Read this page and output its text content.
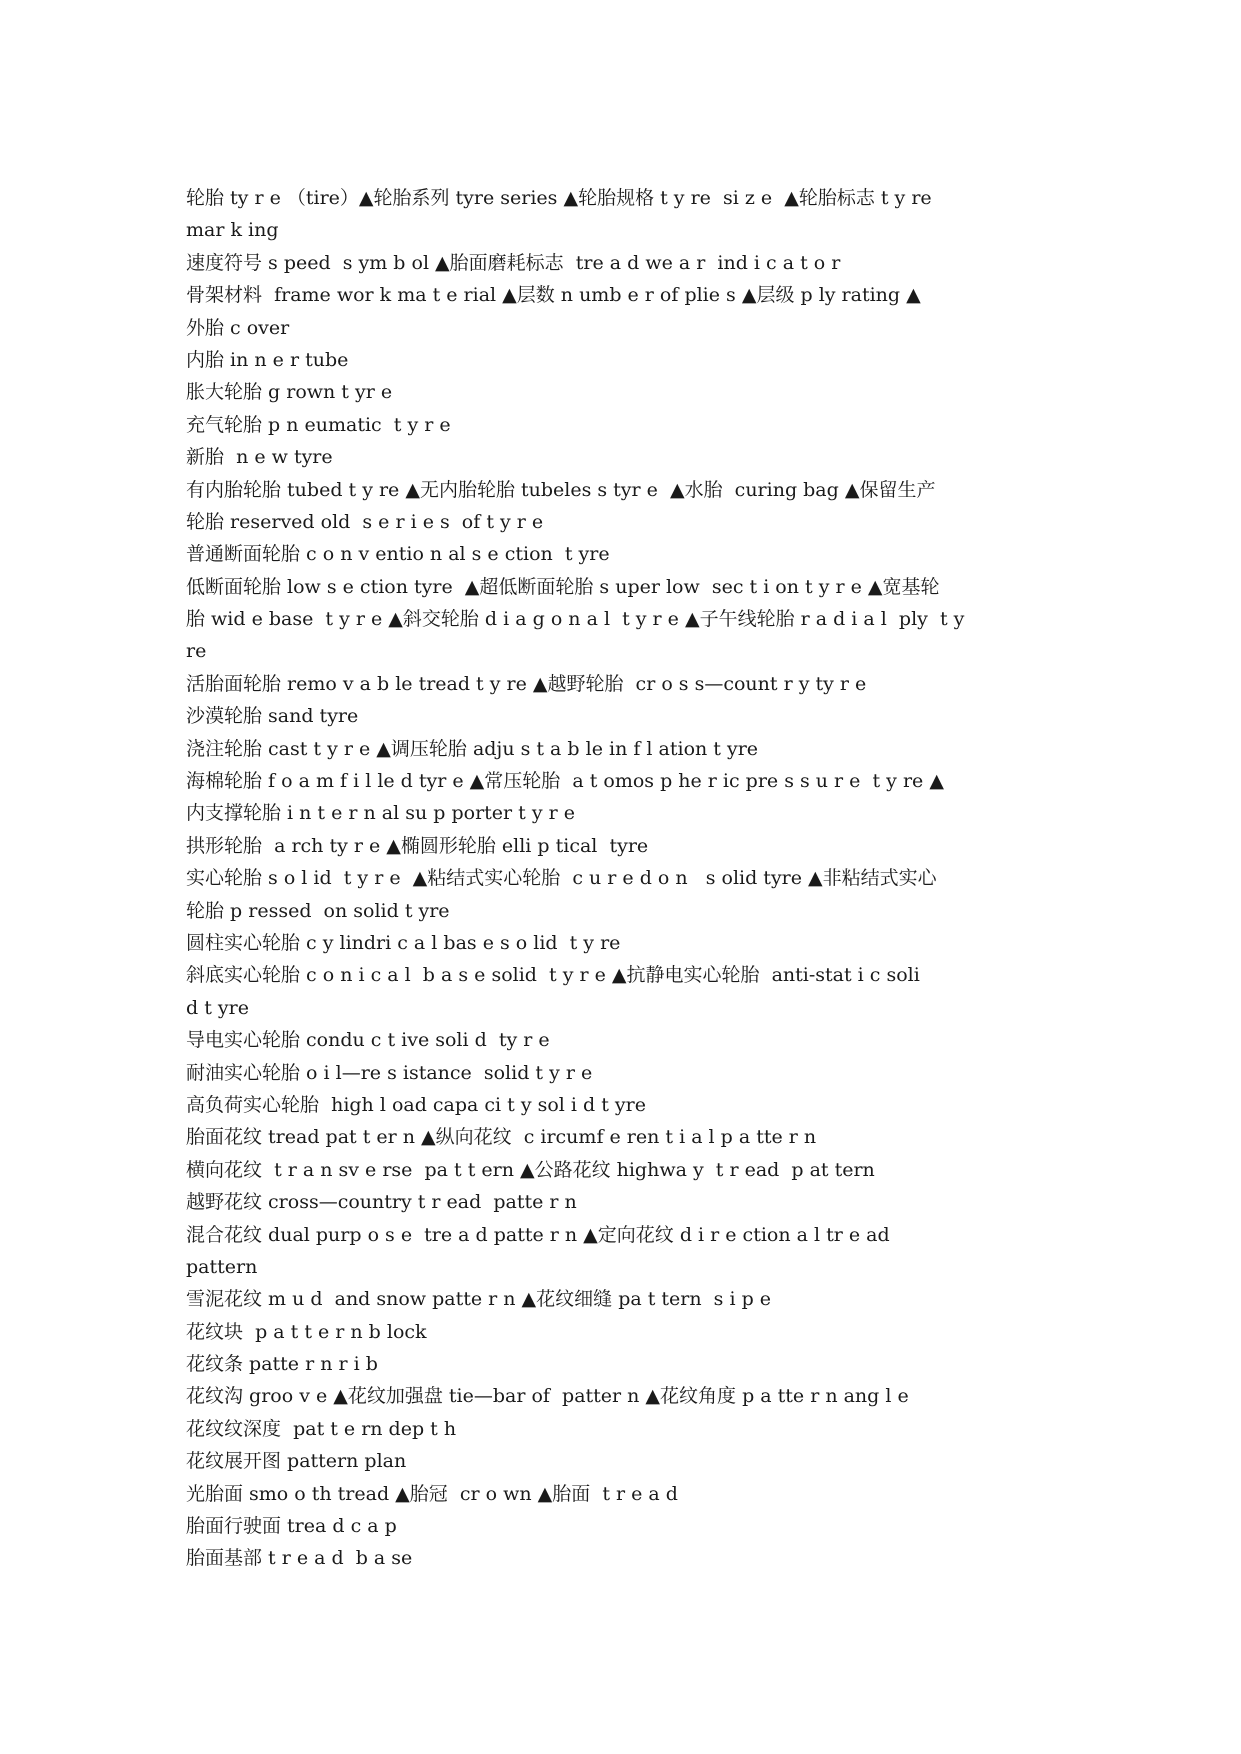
轮胎 ty r e （tire）▲轮胎系列 tyre series ▲轮胎规格 t y re  si z e  ▲轮胎标志 t y re
mar k ing
速度符号 s peed  s ym b ol ▲胎面磨耗标志  tre a d we a r  ind i c a t o r
骨架材料  frame wor k ma t e rial ▲层数 n umb e r of plie s ▲层级 p ly rating ▲
外胎 c over
内胎 in n e r tube
胀大轮胎 g rown t yr e
充气轮胎 p n eumatic  t y r e
新胎  n e w tyre
有内胎轮胎 tubed t y re ▲无内胎轮胎 tubeles s tyr e  ▲水胎  curing bag ▲保留生产
轮胎 reserved old  s e r i e s  of t y r e
普通断面轮胎 c o n v entio n al s e ction  t yre
低断面轮胎 low s e ction tyre  ▲超低断面轮胎 s uper low  sec t i on t y r e ▲宽基轮
胎 wid e base  t y r e ▲斜交轮胎 d i a g o n a l  t y r e ▲子午线轮胎 r a d i a l  ply  t y
re
活胎面轮胎 remo v a b le tread t y re ▲越野轮胎  cr o s s—count r y ty r e
沙漠轮胎 sand tyre
浇注轮胎 cast t y r e ▲调压轮胎 adju s t a b le in f l ation t yre
海棉轮胎 f o a m f i l le d tyr e ▲常压轮胎  a t omos p he r ic pre s s u r e  t y re ▲
内支撑轮胎 i n t e r n al su p porter t y r e
拱形轮胎  a rch ty r e ▲椭圆形轮胎 elli p tical  tyre
实心轮胎 s o l id  t y r e  ▲粘结式实心轮胎  c u r e d o n   s olid tyre ▲非粘结式实心
轮胎 p ressed  on solid t yre
圆柱实心轮胎 c y lindri c a l bas e s o lid  t y re
斜底实心轮胎 c o n i c a l  b a s e solid  t y r e ▲抗静电实心轮胎  anti-stat i c soli
d t yre
导电实心轮胎 condu c t ive soli d  ty r e
耐油实心轮胎 o i l—re s istance  solid t y r e
高负荷实心轮胎  high l oad capa ci t y sol i d t yre
胎面花纹 tread pat t er n ▲纵向花纹  c ircumf e ren t i a l p a tte r n
横向花纹  t r a n sv e rse  pa t t ern ▲公路花纹 highwa y  t r ead  p at tern
越野花纹 cross—country t r ead  patte r n
混合花纹 dual purp o s e  tre a d patte r n ▲定向花纹 d i r e ction a l tr e ad
pattern
雪泥花纹 m u d  and snow patte r n ▲花纹细缝 pa t tern  s i p e
花纹块  p a t t e r n b lock
花纹条 patte r n r i b
花纹沟 groo v e ▲花纹加强盘 tie—bar of  patter n ▲花纹角度 p a tte r n ang l e
花纹纹深度  pat t e rn dep t h
花纹展开图 pattern plan
光胎面 smo o th tread ▲胎冠  cr o wn ▲胎面  t r e a d
胎面行驶面 trea d c a p
胎面基部 t r e a d  b a se
